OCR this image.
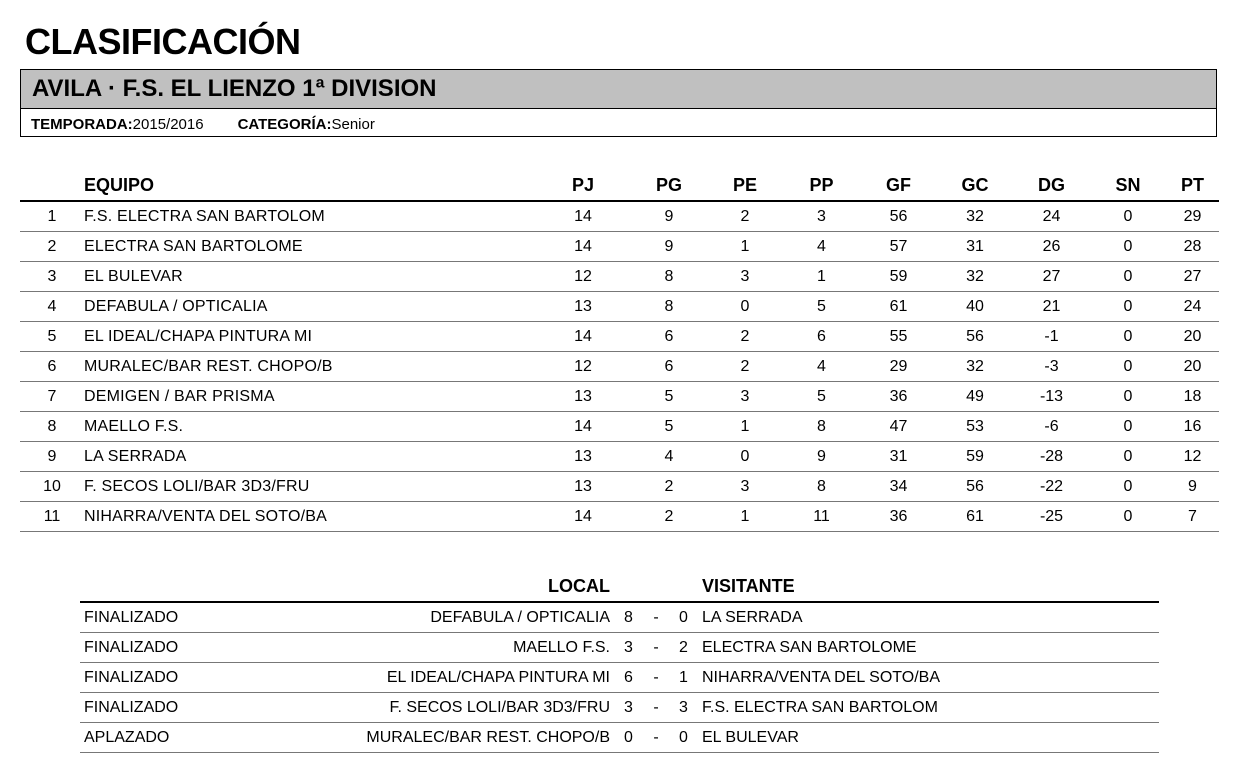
CLASIFICACIÓN
AVILA · F.S. EL LIENZO 1ª DIVISION
TEMPORADA:2015/2016 CATEGORÍA:Senior
	EQUIPO	PJ	PG	PE	PP	GF	GC	DG	SN	PT
1	F.S. ELECTRA SAN BARTOLOM	14	9	2	3	56	32	24	0	29
2	ELECTRA SAN BARTOLOME	14	9	1	4	57	31	26	0	28
3	EL BULEVAR	12	8	3	1	59	32	27	0	27
4	DEFABULA / OPTICALIA	13	8	0	5	61	40	21	0	24
5	EL IDEAL/CHAPA PINTURA MI	14	6	2	6	55	56	-1	0	20
6	MURALEC/BAR REST. CHOPO/B	12	6	2	4	29	32	-3	0	20
7	DEMIGEN / BAR PRISMA	13	5	3	5	36	49	-13	0	18
8	MAELLO F.S.	14	5	1	8	47	53	-6	0	16
9	LA SERRADA	13	4	0	9	31	59	-28	0	12
10	F. SECOS LOLI/BAR 3D3/FRU	13	2	3	8	34	56	-22	0	9
11	NIHARRA/VENTA DEL SOTO/BA	14	2	1	11	36	61	-25	0	7
	LOCAL				VISITANTE
FINALIZADO	DEFABULA / OPTICALIA	8	-	0	LA SERRADA
FINALIZADO	MAELLO F.S.	3	-	2	ELECTRA SAN BARTOLOME
FINALIZADO	EL IDEAL/CHAPA PINTURA MI	6	-	1	NIHARRA/VENTA DEL SOTO/BA
FINALIZADO	F. SECOS LOLI/BAR 3D3/FRU	3	-	3	F.S. ELECTRA SAN BARTOLOM
APLAZADO	MURALEC/BAR REST. CHOPO/B	0	-	0	EL BULEVAR
